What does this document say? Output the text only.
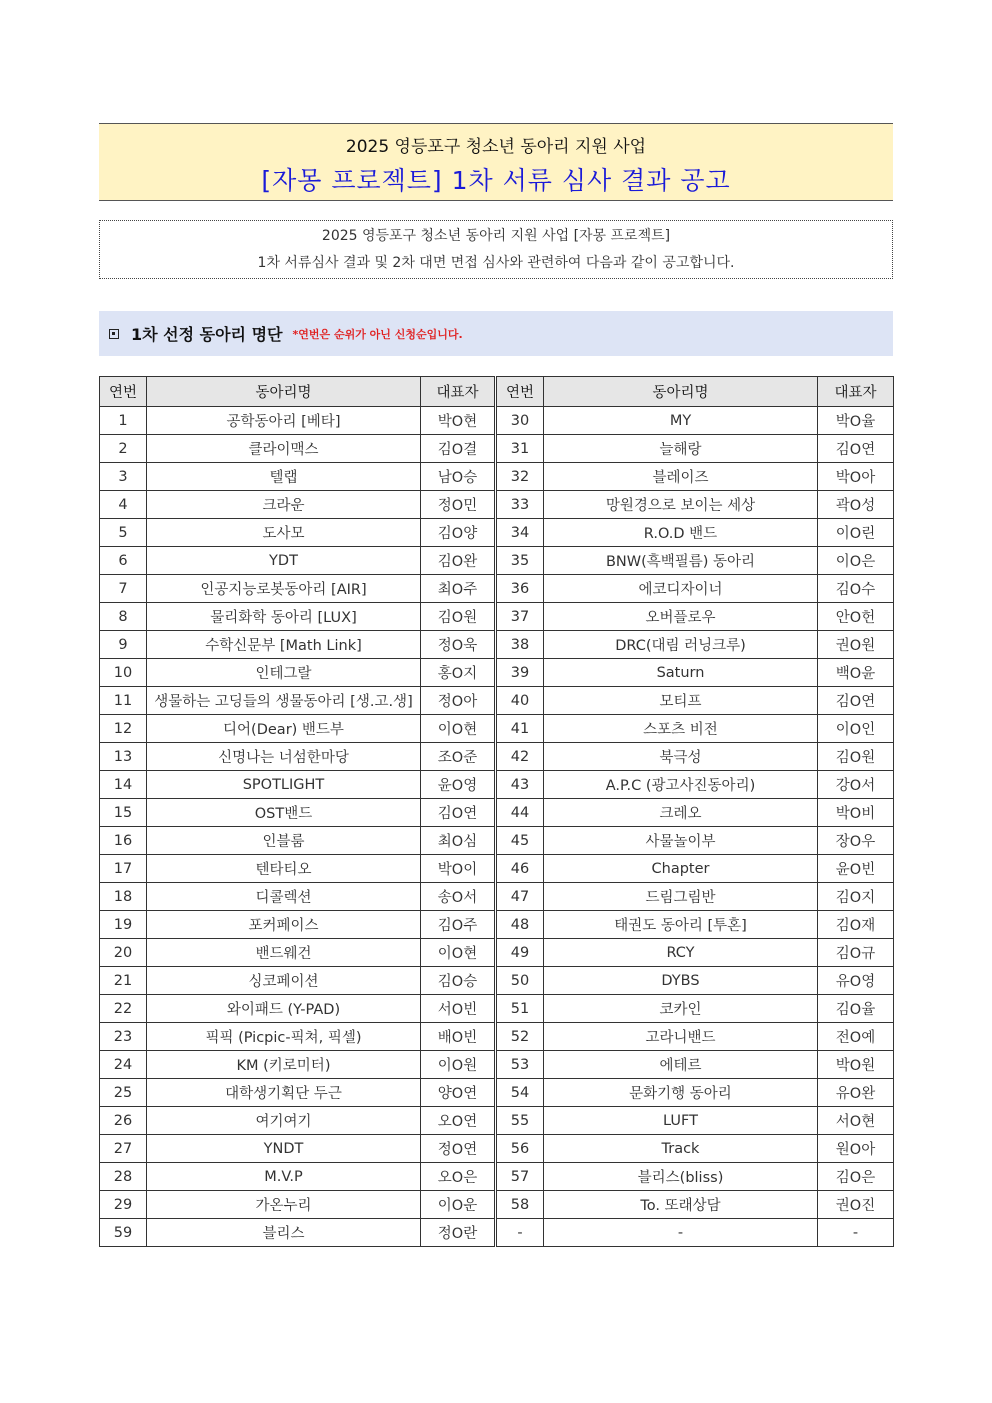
2025 영등포구 청소년 동아리 지원 사업
[자몽 프로젝트] 1차 서류 심사 결과 공고
2025 영등포구 청소년 동아리 지원 사업 [자몽 프로젝트]
1차 서류심사 결과 및 2차 대면 면접 심사와 관련하여 다음과 같이 공고합니다.
1차 선정 동아리 명단 *연번은 순위가 아닌 신청순입니다.
연번	동아리명	대표자	연번	동아리명	대표자
1	공학동아리 [베타]	박O현	30	MY	박O율
2	클라이맥스	김O결	31	늘해랑	김O연
3	텔랩	남O승	32	블레이즈	박O아
4	크라운	정O민	33	망원경으로 보이는 세상	곽O성
5	도사모	김O양	34	R.O.D 밴드	이O린
6	YDT	김O완	35	BNW(흑백필름) 동아리	이O은
7	인공지능로봇동아리 [AIR]	최O주	36	에코디자이너	김O수
8	물리화학 동아리 [LUX]	김O원	37	오버플로우	안O헌
9	수학신문부 [Math Link]	정O욱	38	DRC(대림 러닝크루)	권O원
10	인테그랄	홍O지	39	Saturn	백O윤
11	생물하는 고딩들의 생물동아리 [생.고.생]	정O아	40	모티프	김O연
12	디어(Dear) 밴드부	이O현	41	스포츠 비전	이O인
13	신명나는 너섬한마당	조O준	42	북극성	김O원
14	SPOTLIGHT	윤O영	43	A.P.C (광고사진동아리)	강O서
15	OST밴드	김O연	44	크레오	박O비
16	인블룸	최O심	45	사물놀이부	장O우
17	텐타티오	박O이	46	Chapter	윤O빈
18	디콜렉션	송O서	47	드림그림반	김O지
19	포커페이스	김O주	48	태권도 동아리 [투혼]	김O재
20	밴드웨건	이O현	49	RCY	김O규
21	싱코페이션	김O승	50	DYBS	유O영
22	와이패드 (Y-PAD)	서O빈	51	코카인	김O율
23	픽픽 (Picpic-픽쳐, 픽셀)	배O빈	52	고라니밴드	전O예
24	KM (키로미터)	이O원	53	에테르	박O원
25	대학생기획단 두근	양O연	54	문화기행 동아리	유O완
26	여기여기	오O연	55	LUFT	서O현
27	YNDT	정O연	56	Track	원O아
28	M.V.P	오O은	57	블리스(bliss)	김O은
29	가온누리	이O운	58	To. 또래상담	권O진
59	블리스	정O란	-	-	-
